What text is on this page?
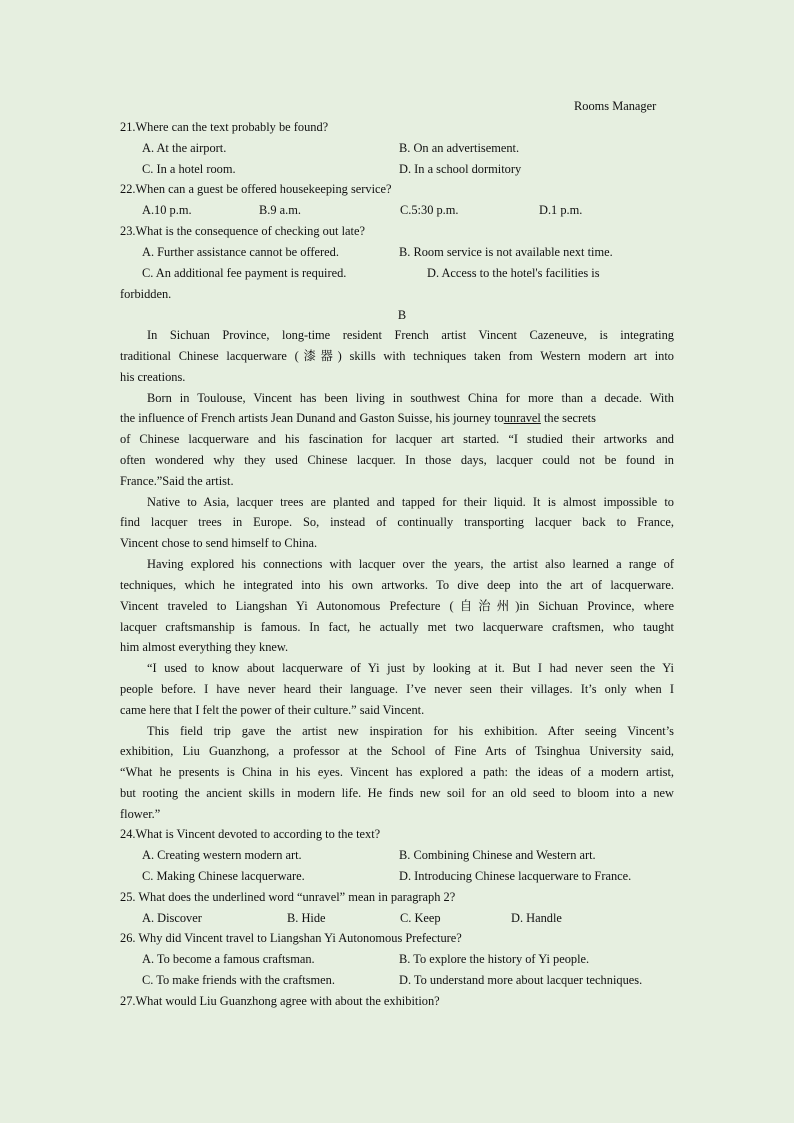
Rooms Manager
21.Where can the text probably be found?
A. At the airport.	B. On an advertisement.
C. In a hotel room.	D. In a school dormitory
22.When can a guest be offered housekeeping service?
A.10 p.m.	B.9 a.m.	C.5:30 p.m.	D.1 p.m.
23.What is the consequence of checking out late?
A. Further assistance cannot be offered.	B. Room service is not available next time.
C. An additional fee payment is required.	D. Access to the hotel's facilities is
forbidden.
B
In Sichuan Province, long-time resident French artist Vincent Cazeneuve, is integrating
traditional Chinese lacquerware (漆器) skills with techniques taken from Western modern art into
his creations.
Born in Toulouse, Vincent has been living in southwest China for more than a decade. With
the influence of French artists Jean Dunand and Gaston Suisse, his journey tounravel the secrets
of Chinese lacquerware and his fascination for lacquer art started. “I studied their artworks and
often wondered why they used Chinese lacquer. In those days, lacquer could not be found in
France.”Said the artist.
Native to Asia, lacquer trees are planted and tapped for their liquid. It is almost impossible to
find lacquer trees in Europe. So, instead of continually transporting lacquer back to France,
Vincent chose to send himself to China.
Having explored his connections with lacquer over the years, the artist also learned a range of
techniques, which he integrated into his own artworks. To dive deep into the art of lacquerware.
Vincent traveled to Liangshan Yi Autonomous Prefecture (自治州)in Sichuan Province, where
lacquer craftsmanship is famous. In fact, he actually met two lacquerware craftsmen, who taught
him almost everything they knew.
“I used to know about lacquerware of Yi just by looking at it. But I had never seen the Yi
people before. I have never heard their language. I’ve never seen their villages. It’s only when I
came here that I felt the power of their culture.” said Vincent.
This field trip gave the artist new inspiration for his exhibition. After seeing Vincent’s
exhibition, Liu Guanzhong, a professor at the School of Fine Arts of Tsinghua University said,
“What he presents is China in his eyes. Vincent has explored a path: the ideas of a modern artist,
but rooting the ancient skills in modern life. He finds new soil for an old seed to bloom into a new
flower.”
24.What is Vincent devoted to according to the text?
A. Creating western modern art.	B. Combining Chinese and Western art.
C. Making Chinese lacquerware.	D. Introducing Chinese lacquerware to France.
25. What does the underlined word “unravel” mean in paragraph 2?
A. Discover	B. Hide	C. Keep	D. Handle
26. Why did Vincent travel to Liangshan Yi Autonomous Prefecture?
A. To become a famous craftsman.	B. To explore the history of Yi people.
C. To make friends with the craftsmen.	D. To understand more about lacquer techniques.
27.What would Liu Guanzhong agree with about the exhibition?
